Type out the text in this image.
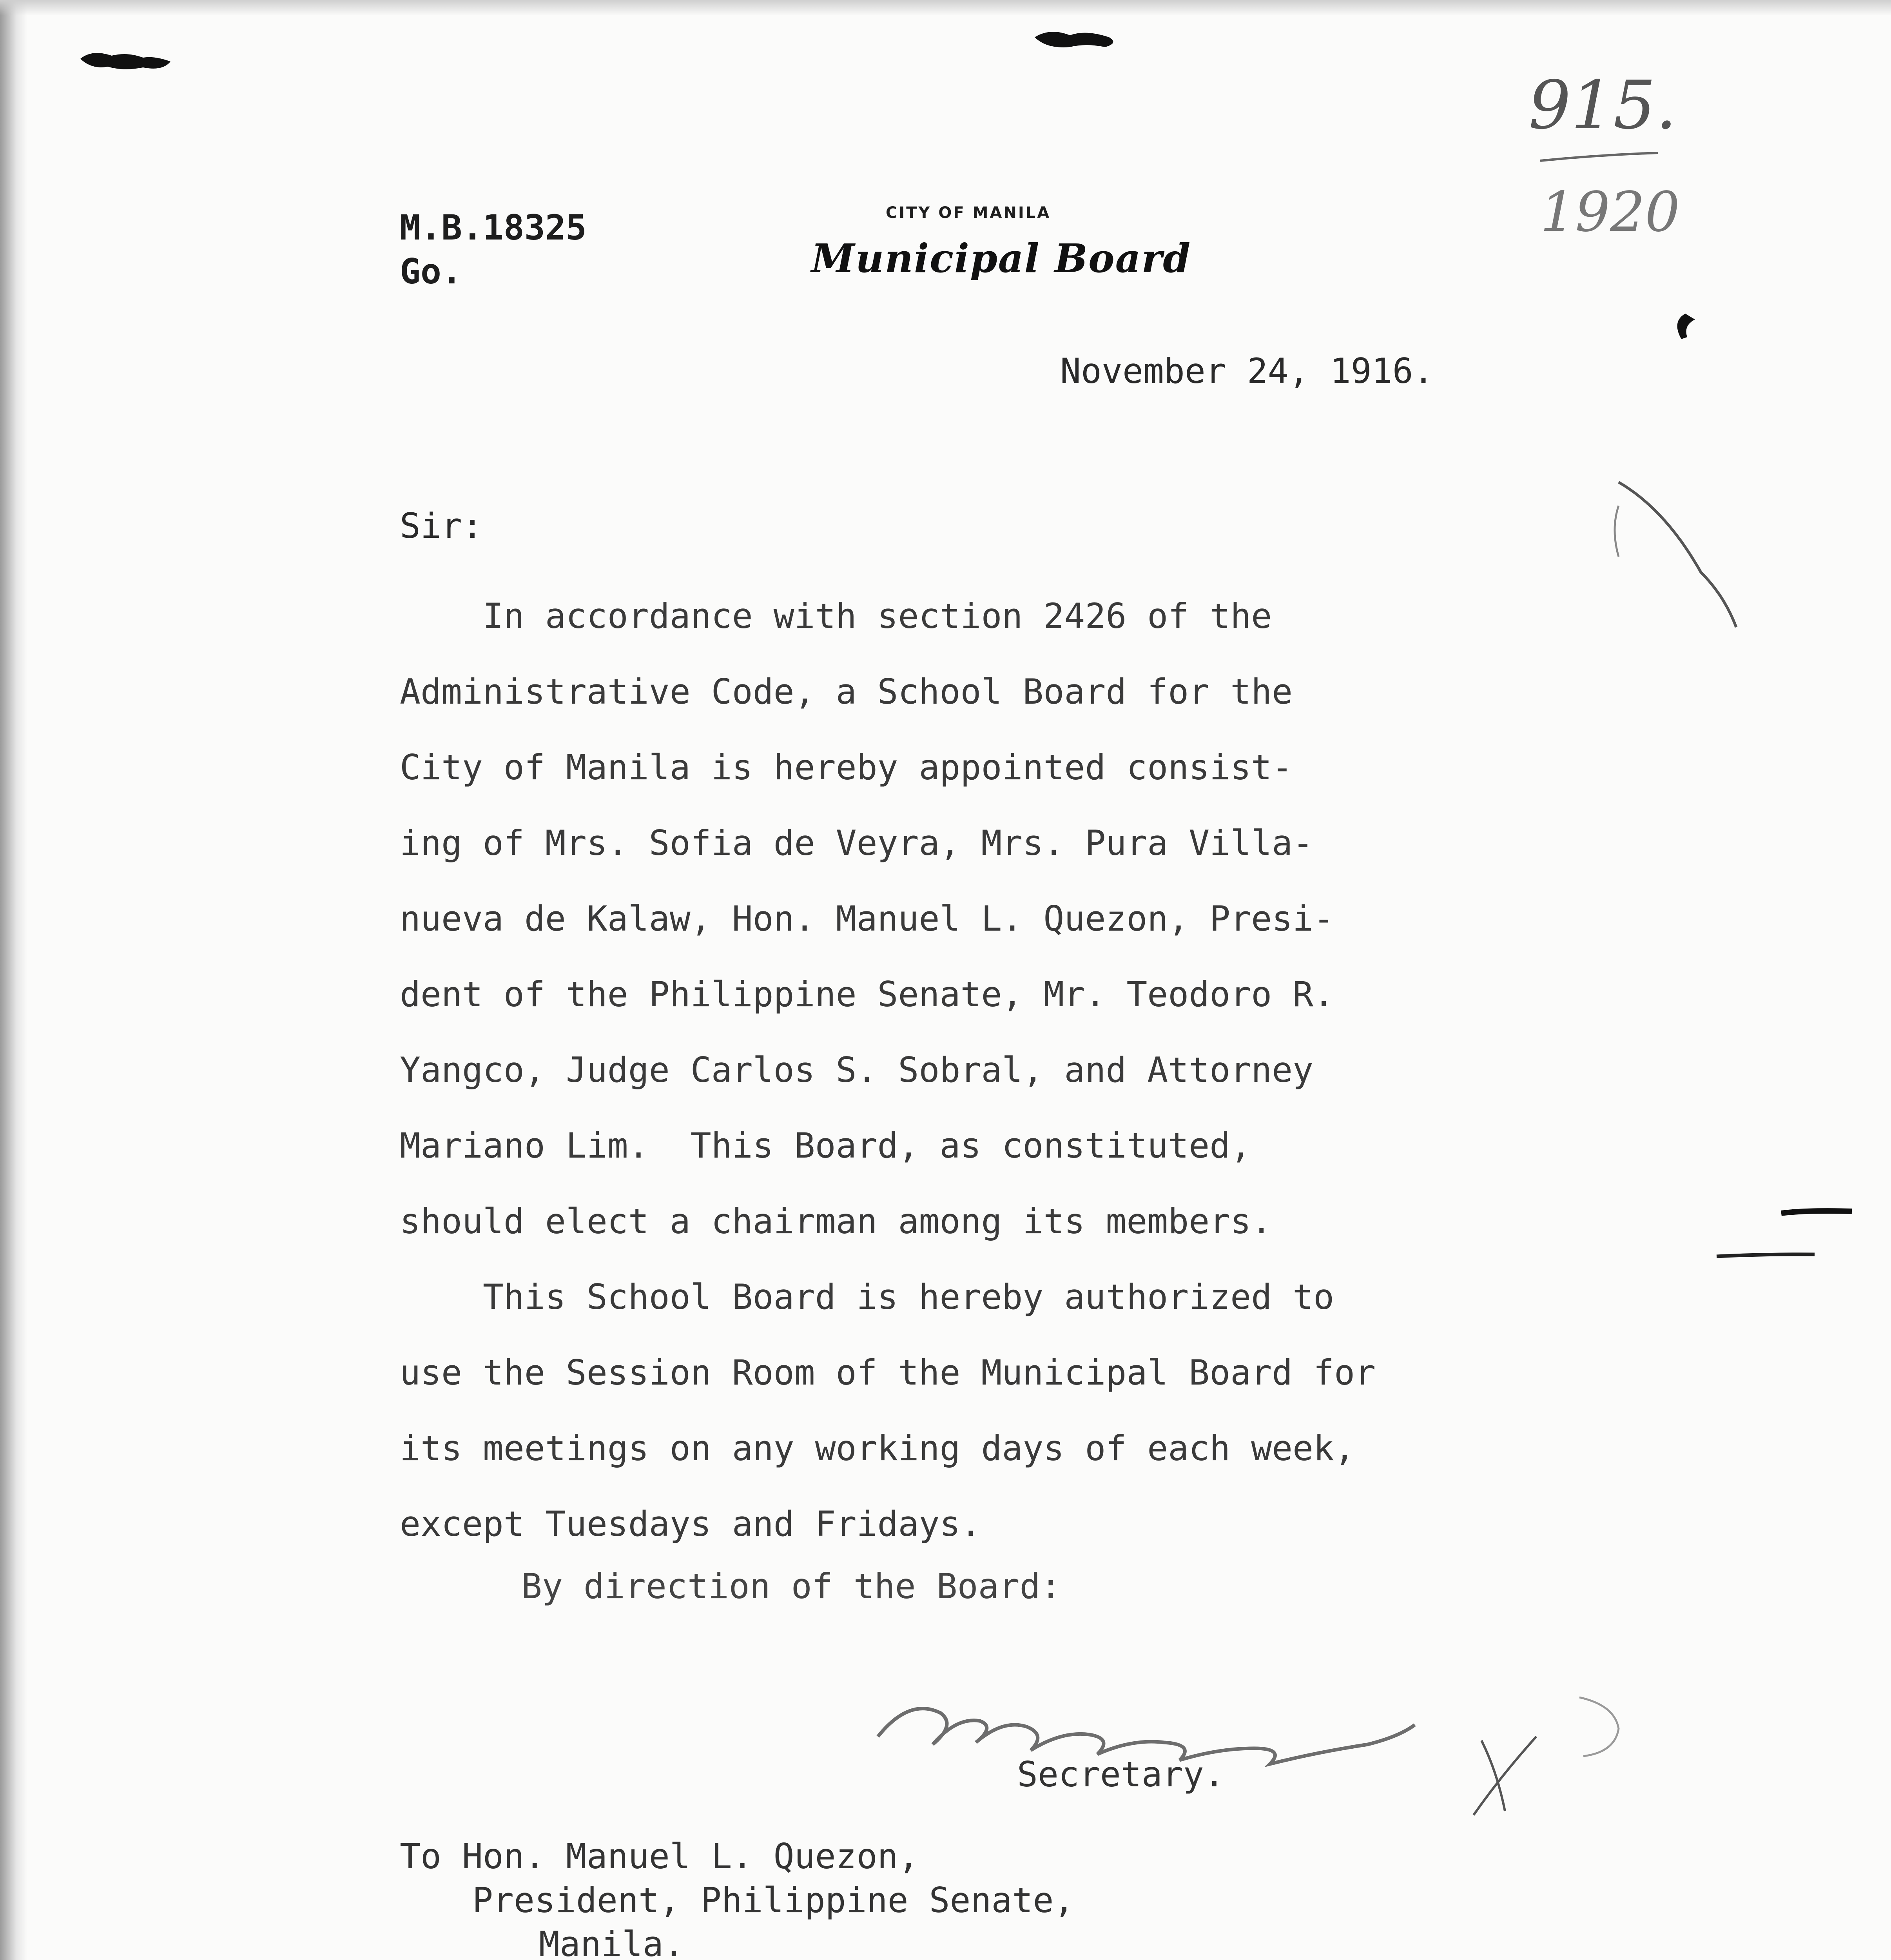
M.B.18325
Go.
CITY OF MANILA
Municipal Board
915.
1920
November 24, 1916.
Sir:
In accordance with section 2426 of the
Administrative Code, a School Board for the
City of Manila is hereby appointed consist-
ing of Mrs. Sofia de Veyra, Mrs. Pura Villa-
nueva de Kalaw, Hon. Manuel L. Quezon, Presi-
dent of the Philippine Senate, Mr. Teodoro R.
Yangco, Judge Carlos S. Sobral, and Attorney
Mariano Lim.  This Board, as constituted,
should elect a chairman among its members.
This School Board is hereby authorized to
use the Session Room of the Municipal Board for
its meetings on any working days of each week,
except Tuesdays and Fridays.
By direction of the Board:
Secretary.
To Hon. Manuel L. Quezon,
President, Philippine Senate,
Manila.
